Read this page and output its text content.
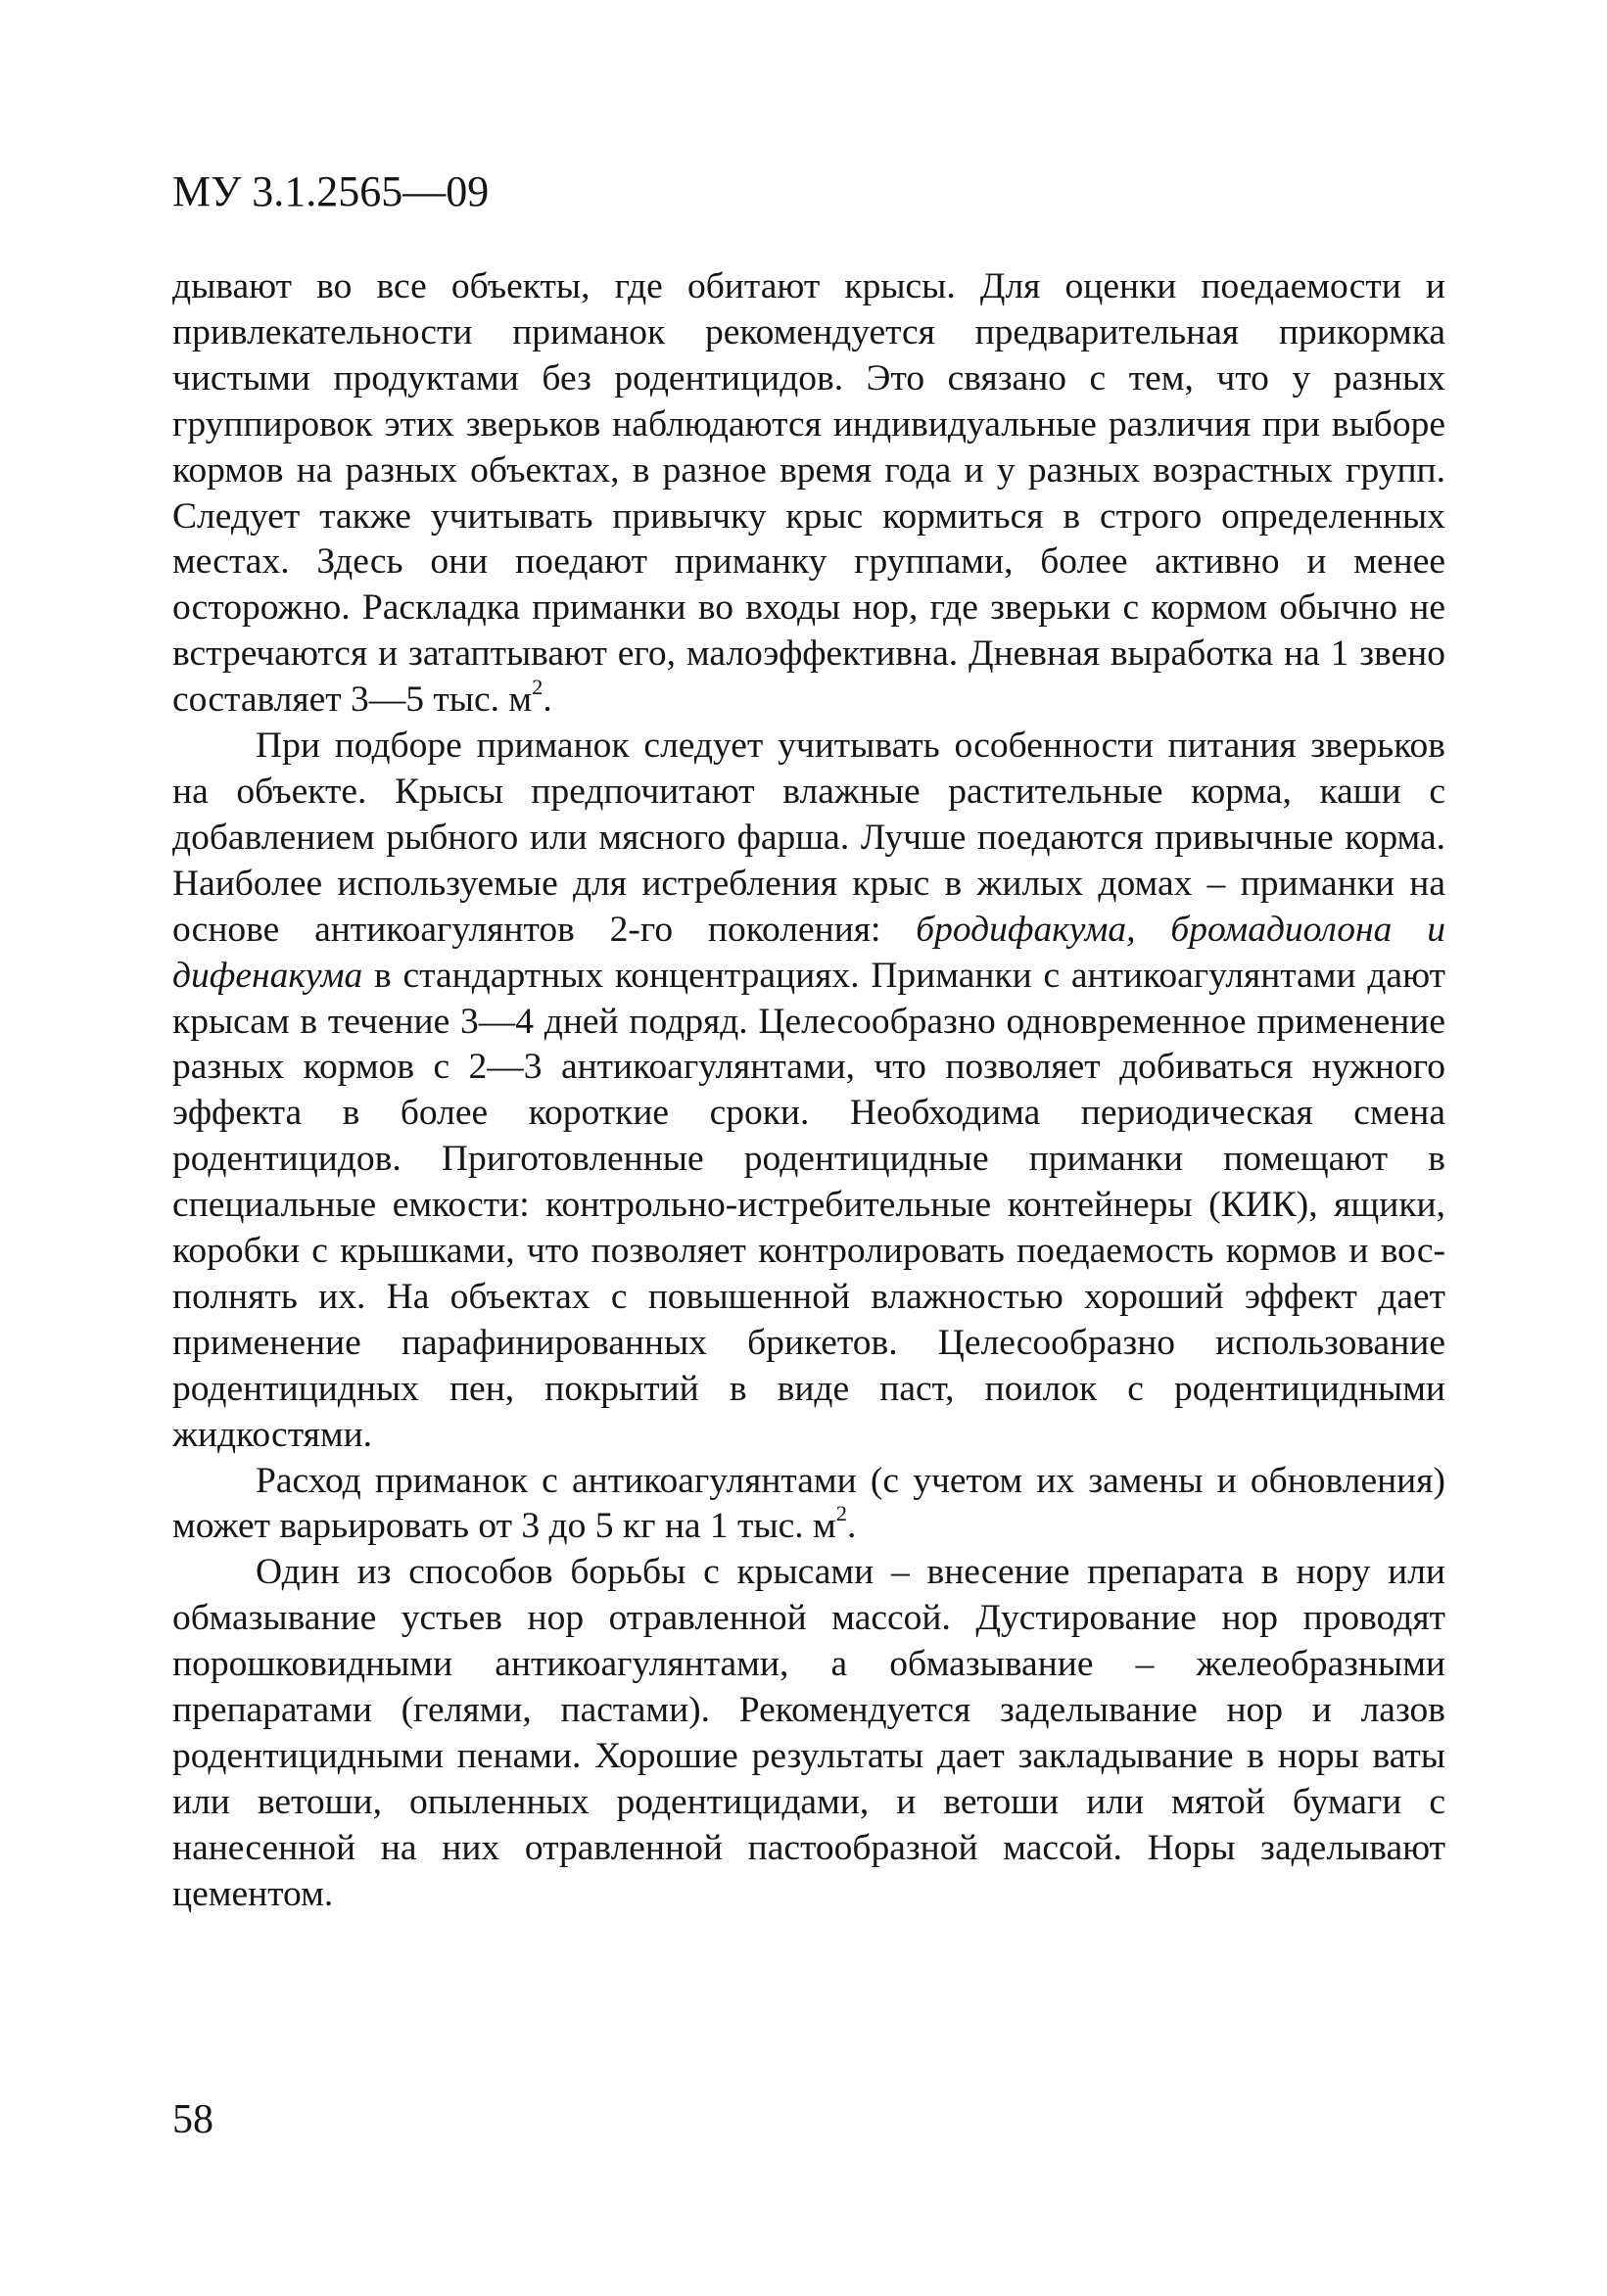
МУ 3.1.2565—09

дывают во все объекты, где обитают крысы. Для оценки поедаемости и привлекательности приманок рекомендуется предварительная прикормка чистыми продуктами без родентицидов. Это связано с тем, что у разных группировок этих зверьков наблюдаются индивидуальные различия при выборе кормов на разных объектах, в разное время года и у разных возрастных групп. Следует также учитывать привычку крыс кормиться в строго определенных местах. Здесь они поедают приманку группами, более активно и менее осторожно. Раскладка приманки во входы нор, где зверьки с кормом обычно не встречаются и затаптывают его, малоэффективна. Дневная выработка на 1 звено составляет 3—5 тыс. $м^2$.

При подборе приманок следует учитывать особенности питания зверьков на объекте. Крысы предпочитают влажные растительные корма, каши с добавлением рыбного или мясного фарша. Лучше поедаются привычные корма. Наиболее используемые для истребления крыс в жилых домах – приманки на основе антикоагулянтов 2-го поколения: бродифакума, бромадиолона и дифенакума в стандартных концентрациях. Приманки с антикоагулянтами дают крысам в течение 3—4 дней подряд. Целесообразно одновременное применение разных кормов с 2—3 антикоагулянтами, что позволяет добиваться нужного эффекта в более короткие сроки. Необходима периодическая смена родентицидов. Приготовленные родентицидные приманки помещают в специальные емкости: контрольно-истребительные контейнеры (КИК), ящики, коробки с крышками, что позволяет контролировать поедаемость кормов и восполнять их. На объектах с повышенной влажностью хороший эффект дает применение парафинированных брикетов. Целесообразно использование родентицидных пен, покрытий в виде паст, поилок с родентицидными жидкостями.

Расход приманок с антикоагулянтами (с учетом их замены и обновления) может варьировать от 3 до 5 кг на 1 тыс. $м^2$.

Один из способов борьбы с крысами – внесение препарата в нору или обмазывание устьев нор отравленной массой. Дустирование нор проводят порошковидными антикоагулянтами, а обмазывание – желеобразными препаратами (гелями, пастами). Рекомендуется заделывание нор и лазов родентицидными пенами. Хорошие результаты дает закладывание в норы ваты или ветоши, опыленных родентицидами, и ветоши или мятой бумаги с нанесенной на них отравленной пастообразной массой. Норы заделывают цементом.

58
